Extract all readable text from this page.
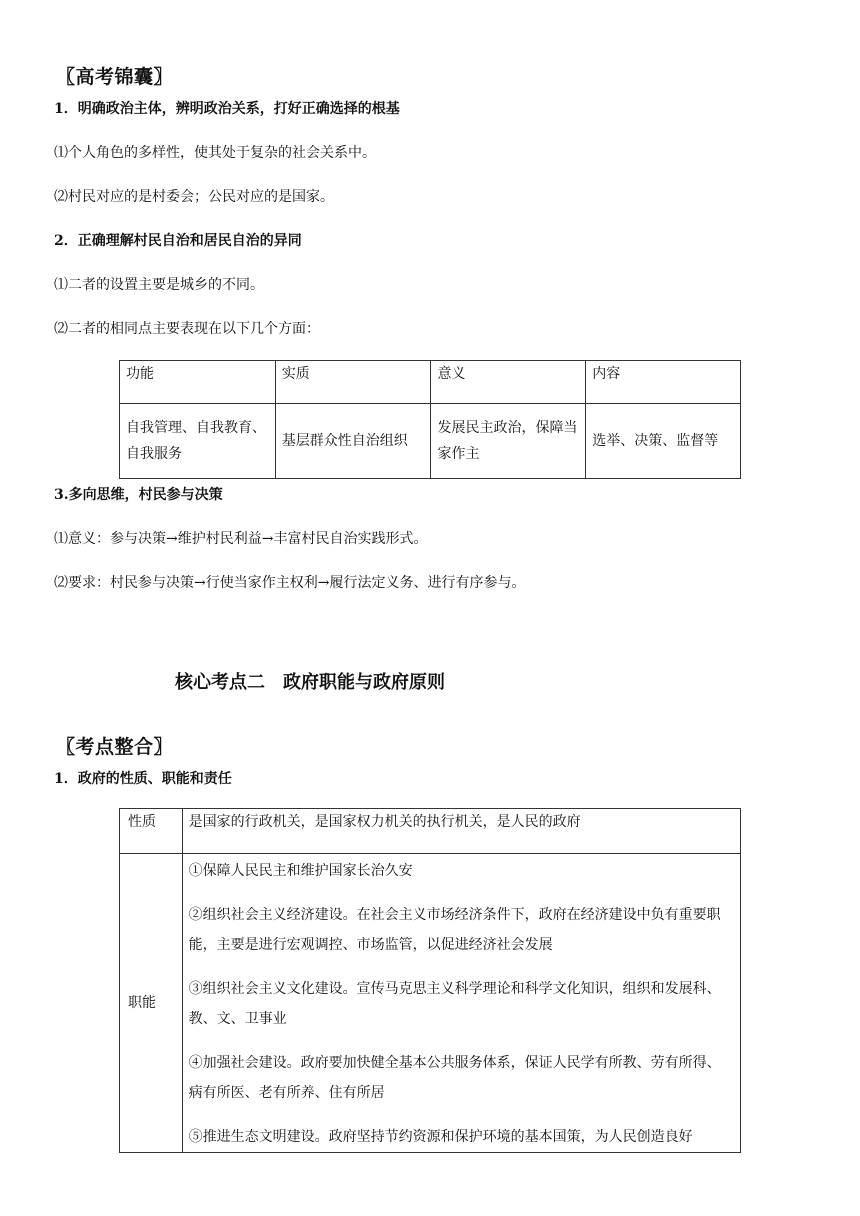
〖高考锦囊〗
1．明确政治主体，辨明政治关系，打好正确选择的根基
⑴个人角色的多样性，使其处于复杂的社会关系中。
⑵村民对应的是村委会；公民对应的是国家。
2．正确理解村民自治和居民自治的异同
⑴二者的设置主要是城乡的不同。
⑵二者的相同点主要表现在以下几个方面：
功能	实质	意义	内容
自我管理、自我教育、自我服务	基层群众性自治组织	发展民主政治，保障当家作主	选举、决策、监督等
3.多向思维，村民参与决策
⑴意义：参与决策→维护村民利益→丰富村民自治实践形式。
⑵要求：村民参与决策→行使当家作主权利→履行法定义务、进行有序参与。
核心考点二　政府职能与政府原则
〖考点整合〗
1．政府的性质、职能和责任
性质	是国家的行政机关，是国家权力机关的执行机关，是人民的政府
职能	①保障人民民主和维护国家长治久安
②组织社会主义经济建设。在社会主义市场经济条件下，政府在经济建设中负有重要职能，主要是进行宏观调控、市场监管，以促进经济社会发展
③组织社会主义文化建设。宣传马克思主义科学理论和科学文化知识，组织和发展科、教、文、卫事业
④加强社会建设。政府要加快健全基本公共服务体系，保证人民学有所教、劳有所得、病有所医、老有所养、住有所居
⑤推进生态文明建设。政府坚持节约资源和保护环境的基本国策，为人民创造良好
